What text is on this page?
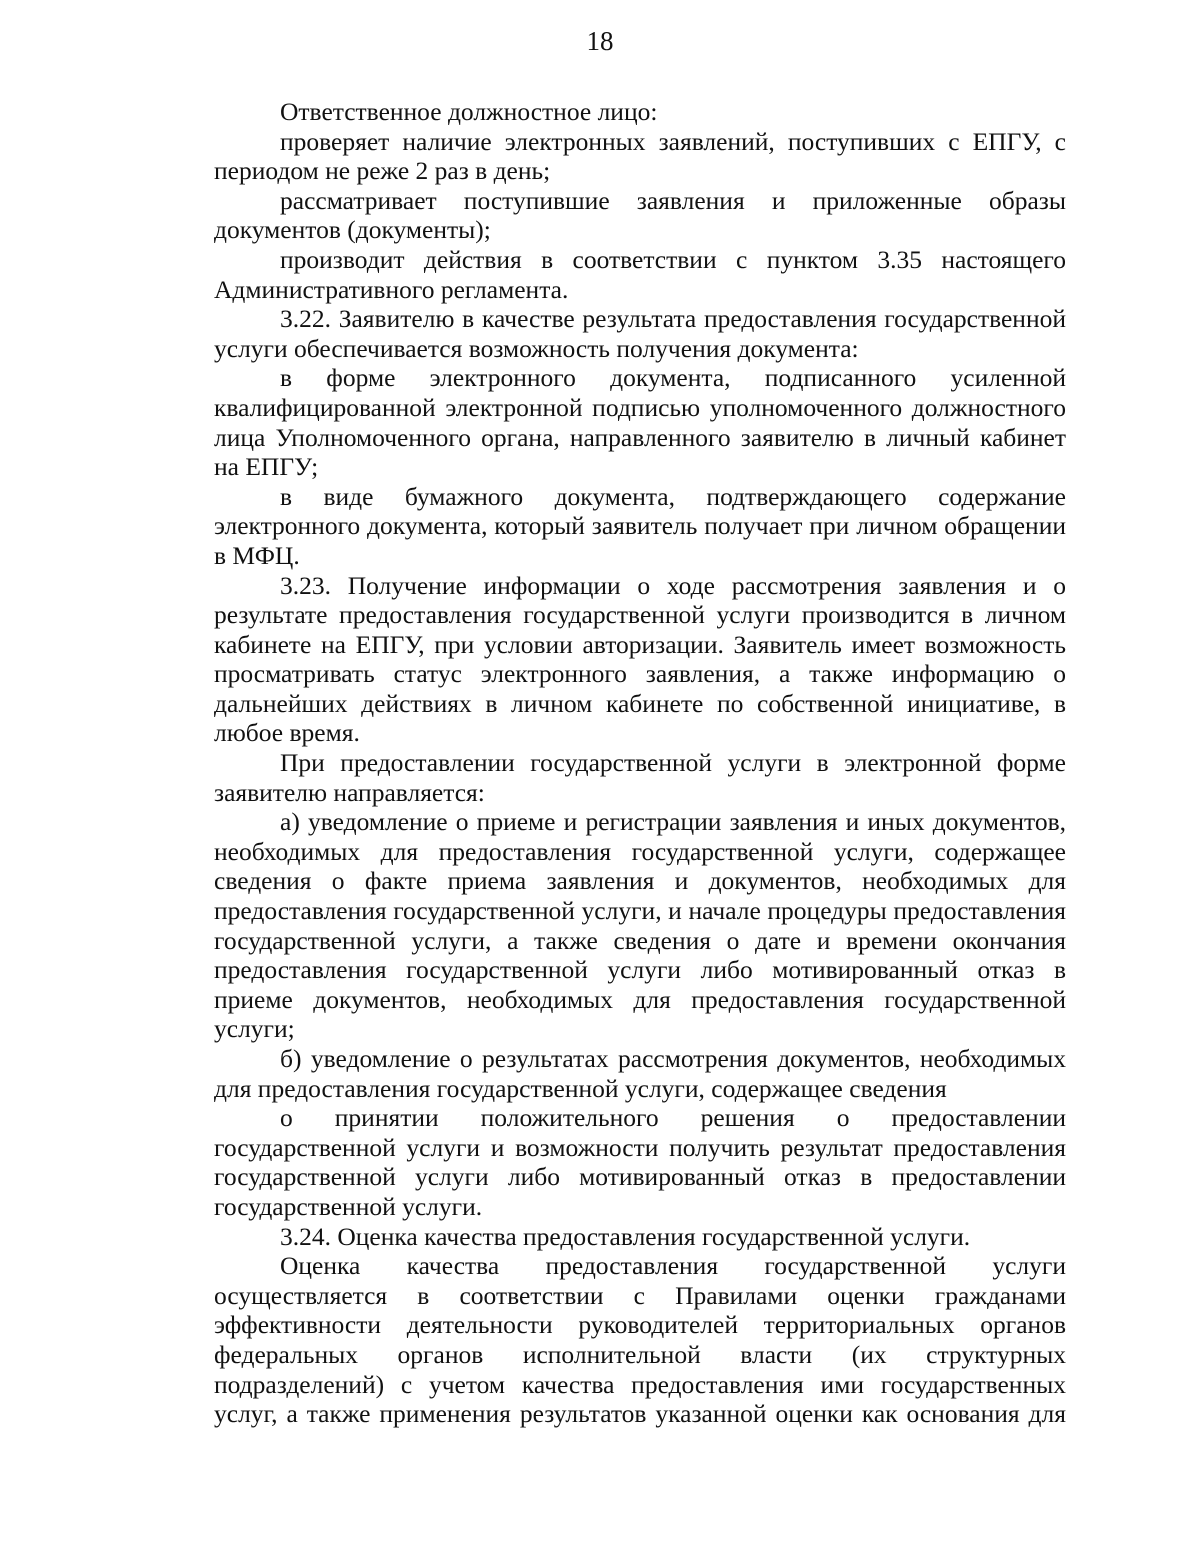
18

Ответственное должностное лицо:

проверяет наличие электронных заявлений, поступивших с ЕПГУ, с периодом не реже 2 раз в день;

рассматривает поступившие заявления и приложенные образы документов (документы);

производит действия в соответствии с пунктом 3.35 настоящего Административного регламента.

3.22. Заявителю в качестве результата предоставления государственной услуги обеспечивается возможность получения документа:

в форме электронного документа, подписанного усиленной квалифицированной электронной подписью уполномоченного должностного лица Уполномоченного органа, направленного заявителю в личный кабинет на ЕПГУ;

в виде бумажного документа, подтверждающего содержание электронного документа, который заявитель получает при личном обращении в МФЦ.

3.23. Получение информации о ходе рассмотрения заявления и о результате предоставления государственной услуги производится в личном кабинете на ЕПГУ, при условии авторизации. Заявитель имеет возможность просматривать статус электронного заявления, а также информацию о дальнейших действиях в личном кабинете по собственной инициативе, в любое время.

При предоставлении государственной услуги в электронной форме заявителю направляется:

а) уведомление о приеме и регистрации заявления и иных документов, необходимых для предоставления государственной услуги, содержащее сведения о факте приема заявления и документов, необходимых для предоставления государственной услуги, и начале процедуры предоставления государственной услуги, а также сведения о дате и времени окончания предоставления государственной услуги либо мотивированный отказ в приеме документов, необходимых для предоставления государственной услуги;

б) уведомление о результатах рассмотрения документов, необходимых для предоставления государственной услуги, содержащее сведения

о принятии положительного решения о предоставлении государственной услуги и возможности получить результат предоставления государственной услуги либо мотивированный отказ в предоставлении государственной услуги.

3.24. Оценка качества предоставления государственной услуги.

Оценка качества предоставления государственной услуги осуществляется в соответствии с Правилами оценки гражданами эффективности деятельности руководителей территориальных органов федеральных органов исполнительной власти (их структурных подразделений) с учетом качества предоставления ими государственных услуг, а также применения результатов указанной оценки как основания для
